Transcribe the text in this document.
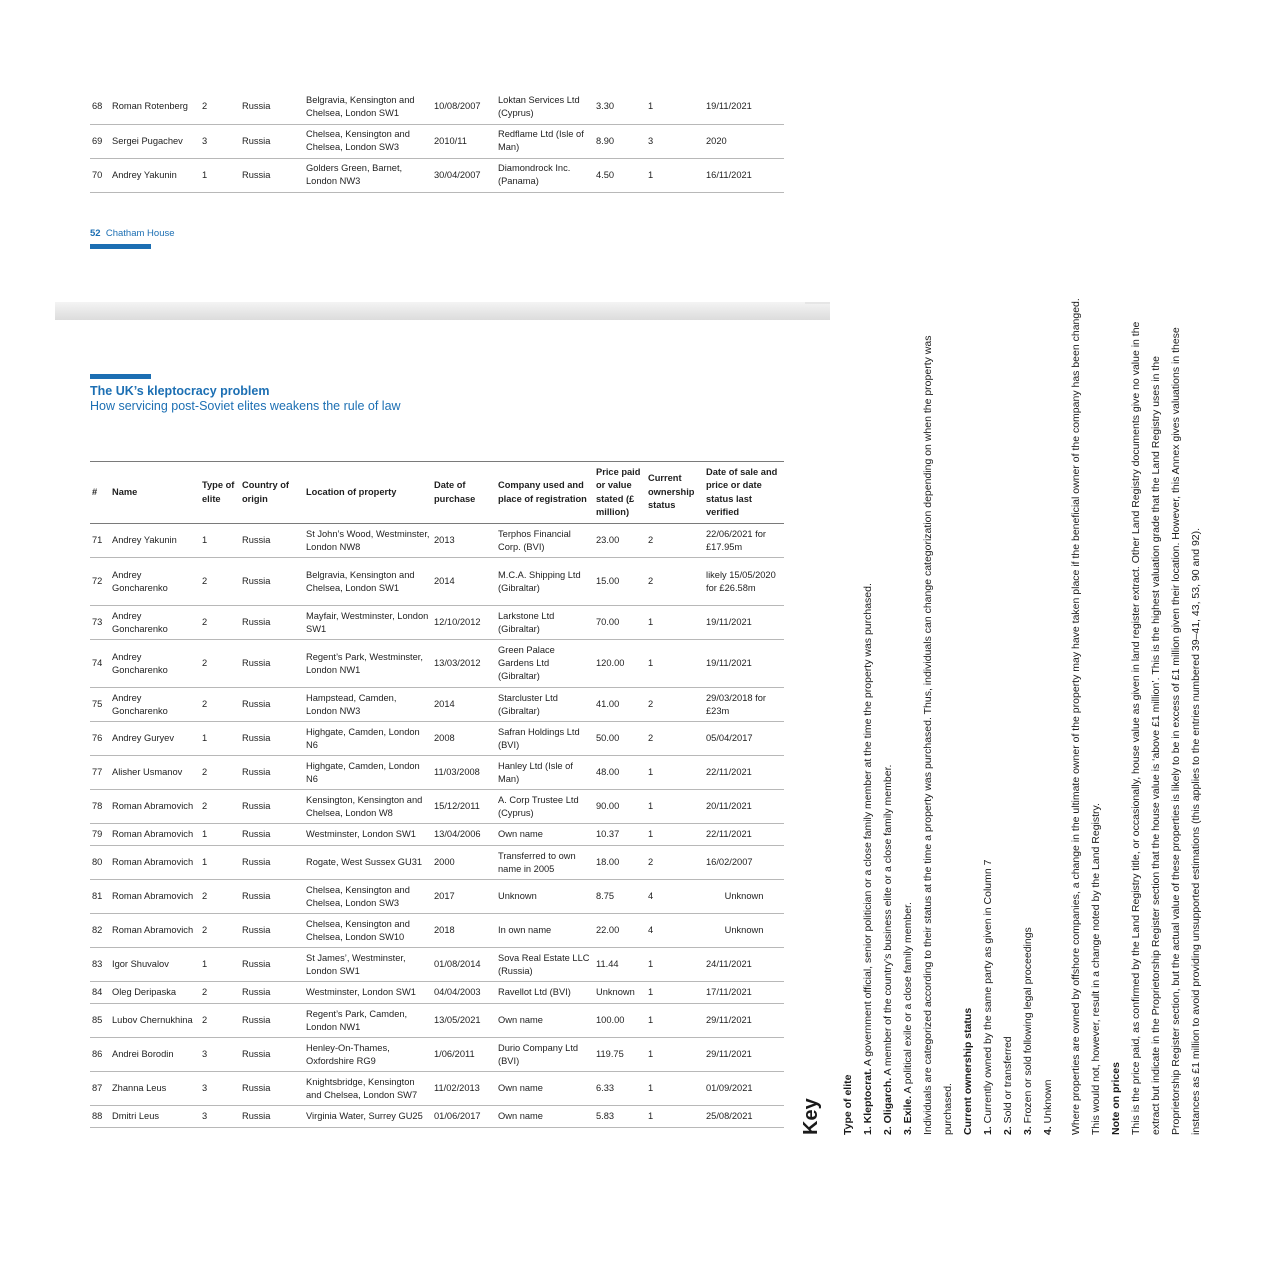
68	Roman Rotenberg	2	Russia	Belgravia, Kensington and Chelsea, London SW1	10/08/2007	Loktan Services Ltd (Cyprus)	3.30	1	19/11/2021
69	Sergei Pugachev	3	Russia	Chelsea, Kensington and Chelsea, London SW3	2010/11	Redflame Ltd (Isle of Man)	8.90	3	2020
70	Andrey Yakunin	1	Russia	Golders Green, Barnet, London NW3	30/04/2007	Diamondrock Inc. (Panama)	4.50	1	16/11/2021
52 Chatham House
The UK’s kleptocracy problem
How servicing post-Soviet elites weakens the rule of law
#	Name	Type of elite	Country of origin	Location of property	Date of purchase	Company used and place of registration	Price paid or value stated (£ million)	Current ownership status	Date of sale and price or date status last verified
71	Andrey Yakunin	1	Russia	St John’s Wood, Westminster, London NW8	2013	Terphos Financial Corp. (BVI)	23.00	2	22/06/2021 for £17.95m
72	Andrey Goncharenko	2	Russia	Belgravia, Kensington and Chelsea, London SW1	2014	M.C.A. Shipping Ltd (Gibraltar)	15.00	2	likely 15/05/2020 for £26.58m
73	Andrey Goncharenko	2	Russia	Mayfair, Westminster, London SW1	12/10/2012	Larkstone Ltd (Gibraltar)	70.00	1	19/11/2021
74	Andrey Goncharenko	2	Russia	Regent’s Park, Westminster, London NW1	13/03/2012	Green Palace Gardens Ltd (Gibraltar)	120.00	1	19/11/2021
75	Andrey Goncharenko	2	Russia	Hampstead, Camden, London NW3	2014	Starcluster Ltd (Gibraltar)	41.00	2	29/03/2018 for £23m
76	Andrey Guryev	1	Russia	Highgate, Camden, London N6	2008	Safran Holdings Ltd (BVI)	50.00	2	05/04/2017
77	Alisher Usmanov	2	Russia	Highgate, Camden, London N6	11/03/2008	Hanley Ltd (Isle of Man)	48.00	1	22/11/2021
78	Roman Abramovich	2	Russia	Kensington, Kensington and Chelsea, London W8	15/12/2011	A. Corp Trustee Ltd (Cyprus)	90.00	1	20/11/2021
79	Roman Abramovich	1	Russia	Westminster, London SW1	13/04/2006	Own name	10.37	1	22/11/2021
80	Roman Abramovich	1	Russia	Rogate, West Sussex GU31	2000	Transferred to own name in 2005	18.00	2	16/02/2007
81	Roman Abramovich	2	Russia	Chelsea, Kensington and Chelsea, London SW3	2017	Unknown	8.75	4	Unknown
82	Roman Abramovich	2	Russia	Chelsea, Kensington and Chelsea, London SW10	2018	In own name	22.00	4	Unknown
83	Igor Shuvalov	1	Russia	St James’, Westminster, London SW1	01/08/2014	Sova Real Estate LLC (Russia)	11.44	1	24/11/2021
84	Oleg Deripaska	2	Russia	Westminster, London SW1	04/04/2003	Ravellot Ltd (BVI)	Unknown	1	17/11/2021
85	Lubov Chernukhina	2	Russia	Regent’s Park, Camden, London NW1	13/05/2021	Own name	100.00	1	29/11/2021
86	Andrei Borodin	3	Russia	Henley-On-Thames, Oxfordshire RG9	1/06/2011	Durio Company Ltd (BVI)	119.75	1	29/11/2021
87	Zhanna Leus	3	Russia	Knightsbridge, Kensington and Chelsea, London SW7	11/02/2013	Own name	6.33	1	01/09/2021
88	Dmitri Leus	3	Russia	Virginia Water, Surrey GU25	01/06/2017	Own name	5.83	1	25/08/2021 Key	Type of elite 1. Kleptocrat. A government official, senior politician or a close family member at the time the property was purchased.

2. Oligarch. A member of the country’s business elite or a close family member.

3. Exile. A political exile or a close family member. Individuals are categorized according to their status at the time a property was purchased. Thus, individuals can change categorization depending on when the property was purchased. Current ownership status 1. Currently owned by the same party as given in Column 7

2. Sold or transferred

3. Frozen or sold following legal proceedings

4. Unknown	Where properties are owned by offshore companies, a change in the ultimate owner of the property may have taken place if the beneficial owner of the company has been changed. This would not, however, result in a change noted by the Land Registry. Note on prices This is the price paid, as confirmed by the Land Registry title, or occasionally, house value as given in land register extract. Other Land Registry documents give no value in the extract but indicate in the Proprietorship Register section that the house value is ‘above £1 million’. This is the highest valuation grade that the Land Registry uses in the Proprietorship Register section, but the actual value of these properties is likely to be in excess of £1 million given their location. However, this Annex gives valuations in these instances as £1 million to avoid providing unsupported estimations (this applies to the entries numbered 39–41, 43, 53, 90 and 92).
